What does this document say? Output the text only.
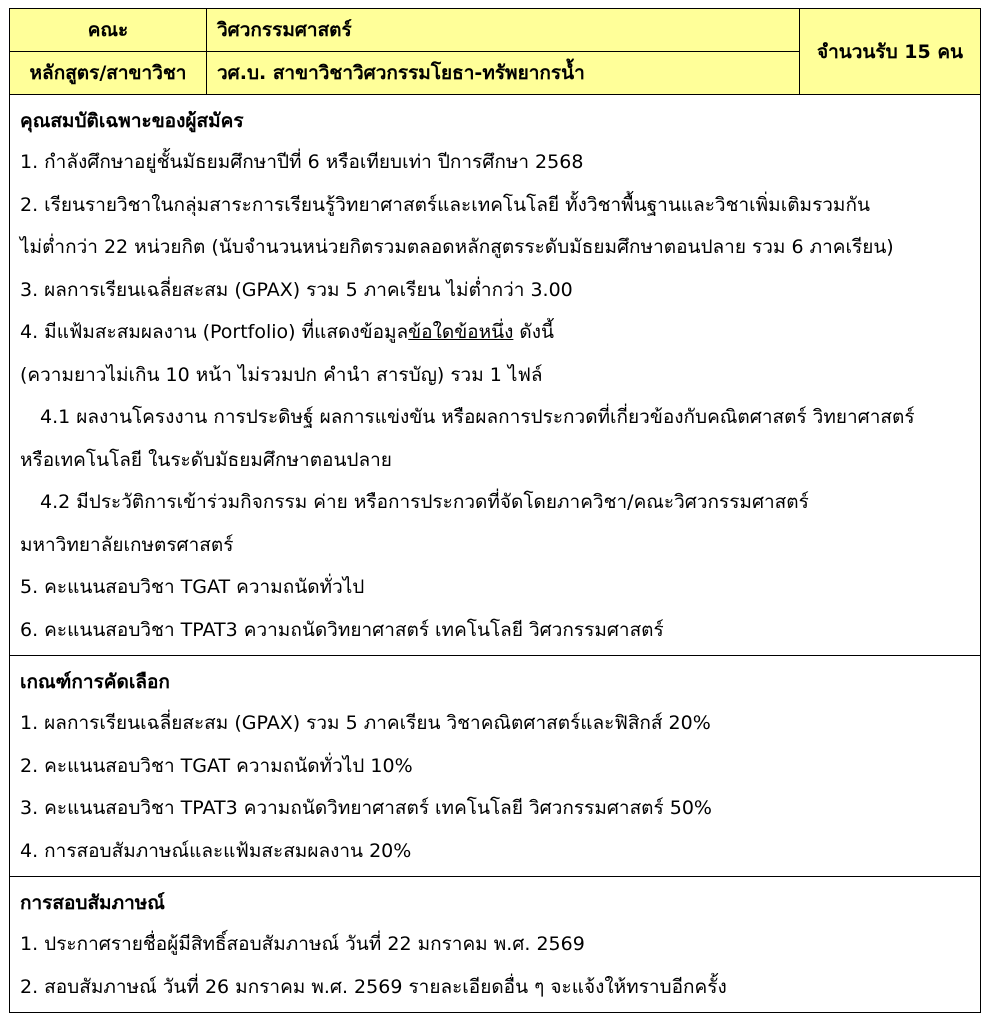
คณะ	วิศวกรรมศาสตร์	จำนวนรับ 15 คน
หลักสูตร/สาขาวิชา	วศ.บ. สาขาวิชาวิศวกรรมโยธา-ทรัพยากรน้ำ	
คุณสมบัติเฉพาะของผู้สมัคร
1. กำลังศึกษาอยู่ชั้นมัธยมศึกษาปีที่ 6 หรือเทียบเท่า ปีการศึกษา 2568
2. เรียนรายวิชาในกลุ่มสาระการเรียนรู้วิทยาศาสตร์และเทคโนโลยี ทั้งวิชาพื้นฐานและวิชาเพิ่มเติมรวมกัน
ไม่ต่ำกว่า 22 หน่วยกิต (นับจำนวนหน่วยกิตรวมตลอดหลักสูตรระดับมัธยมศึกษาตอนปลาย รวม 6 ภาคเรียน)
3. ผลการเรียนเฉลี่ยสะสม (GPAX) รวม 5 ภาคเรียน ไม่ต่ำกว่า 3.00
4. มีแฟ้มสะสมผลงาน (Portfolio) ที่แสดงข้อมูลข้อใดข้อหนึ่ง ดังนี้
(ความยาวไม่เกิน 10 หน้า ไม่รวมปก คำนำ สารบัญ) รวม 1 ไฟล์
4.1 ผลงานโครงงาน การประดิษฐ์ ผลการแข่งขัน หรือผลการประกวดที่เกี่ยวข้องกับคณิตศาสตร์ วิทยาศาสตร์
หรือเทคโนโลยี ในระดับมัธยมศึกษาตอนปลาย
4.2 มีประวัติการเข้าร่วมกิจกรรม ค่าย หรือการประกวดที่จัดโดยภาควิชา/คณะวิศวกรรมศาสตร์
มหาวิทยาลัยเกษตรศาสตร์
5. คะแนนสอบวิชา TGAT ความถนัดทั่วไป
6. คะแนนสอบวิชา TPAT3 ความถนัดวิทยาศาสตร์ เทคโนโลยี วิศวกรรมศาสตร์
เกณฑ์การคัดเลือก
1. ผลการเรียนเฉลี่ยสะสม (GPAX) รวม 5 ภาคเรียน วิชาคณิตศาสตร์และฟิสิกส์ 20%
2. คะแนนสอบวิชา TGAT ความถนัดทั่วไป 10%
3. คะแนนสอบวิชา TPAT3 ความถนัดวิทยาศาสตร์ เทคโนโลยี วิศวกรรมศาสตร์ 50%
4. การสอบสัมภาษณ์และแฟ้มสะสมผลงาน 20%
การสอบสัมภาษณ์
1. ประกาศรายชื่อผู้มีสิทธิ์สอบสัมภาษณ์ วันที่ 22 มกราคม พ.ศ. 2569
2. สอบสัมภาษณ์ วันที่ 26 มกราคม พ.ศ. 2569 รายละเอียดอื่น ๆ จะแจ้งให้ทราบอีกครั้ง
